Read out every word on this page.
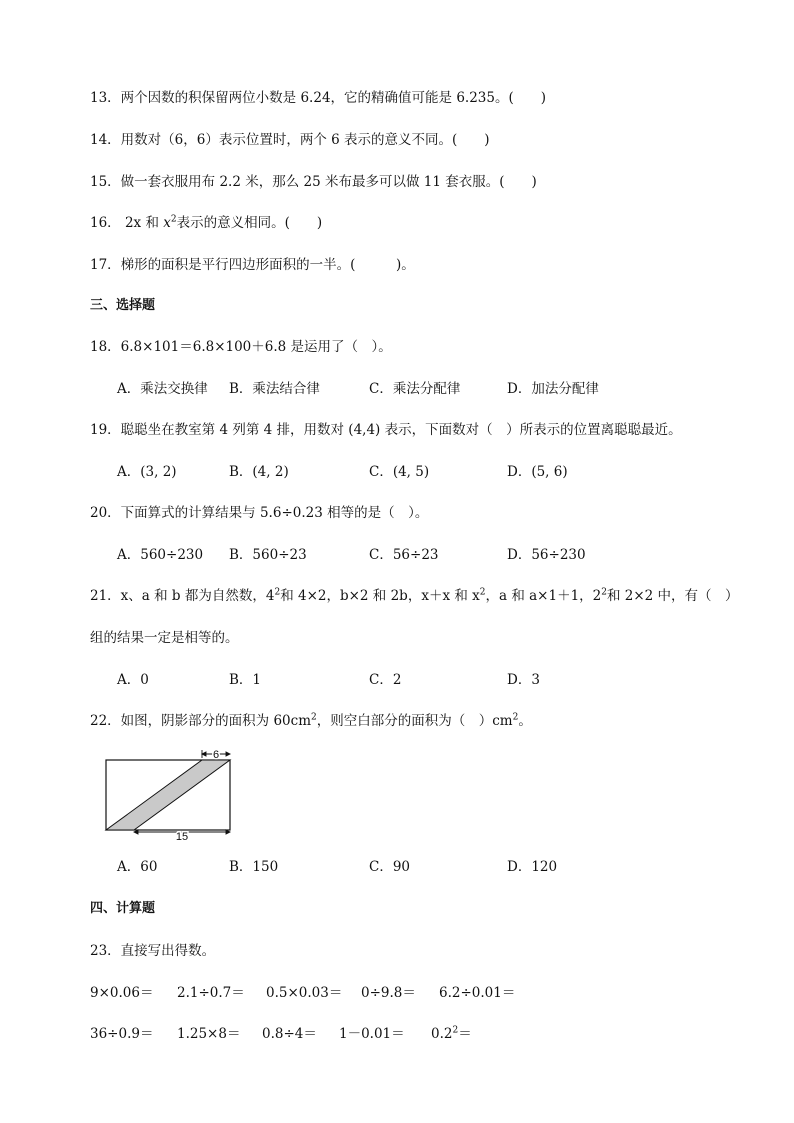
13．两个因数的积保留两位小数是 6.24，它的精确值可能是 6.235。(　　)
14．用数对（6，6）表示位置时，两个 6 表示的意义不同。(　　)
15．做一套衣服用布 2.2 米，那么 25 米布最多可以做 11 套衣服。(　　)
16． 2x 和 $x^2$表示的意义相同。(　　)
17．梯形的面积是平行四边形面积的一半。(　　　)。
三、选择题
18．6.8×101＝6.8×100＋6.8 是运用了（　）。
A．乘法交换律 B．乘法结合律	C．乘法分配律	D．加法分配律
19．聪聪坐在教室第 4 列第 4 排，用数对 (4,4) 表示，下面数对（　）所表示的位置离聪聪最近。
A．(3, 2)	B．(4, 2)	C．(4, 5)	D．(5, 6)
20．下面算式的计算结果与 5.6÷0.23 相等的是（　）。
A．560÷230 B．560÷23	C．56÷23	D．56÷230
21．x、a 和 b 都为自然数，$4^2$和 4×2，b×2 和 2b，x＋x 和 $x^2$，a 和 a×1＋1，$2^2$和 2×2 中，有（　）
组的结果一定是相等的。
A．0	B．1	C．2	D．3
22．如图，阴影部分的面积为 $60cm^2$，则空白部分的面积为（　）$cm^2$。
6
15
A．60	B．150	C．90	D．120
四、计算题
23．直接写出得数。
9×0.06＝ 2.1÷0.7＝ 0.5×0.03＝ 0÷9.8＝ 6.2÷0.01＝
$36\div 0.9= 1.25\times 8= 0.8\div 4= 1-0.01= 0.2^2=$
